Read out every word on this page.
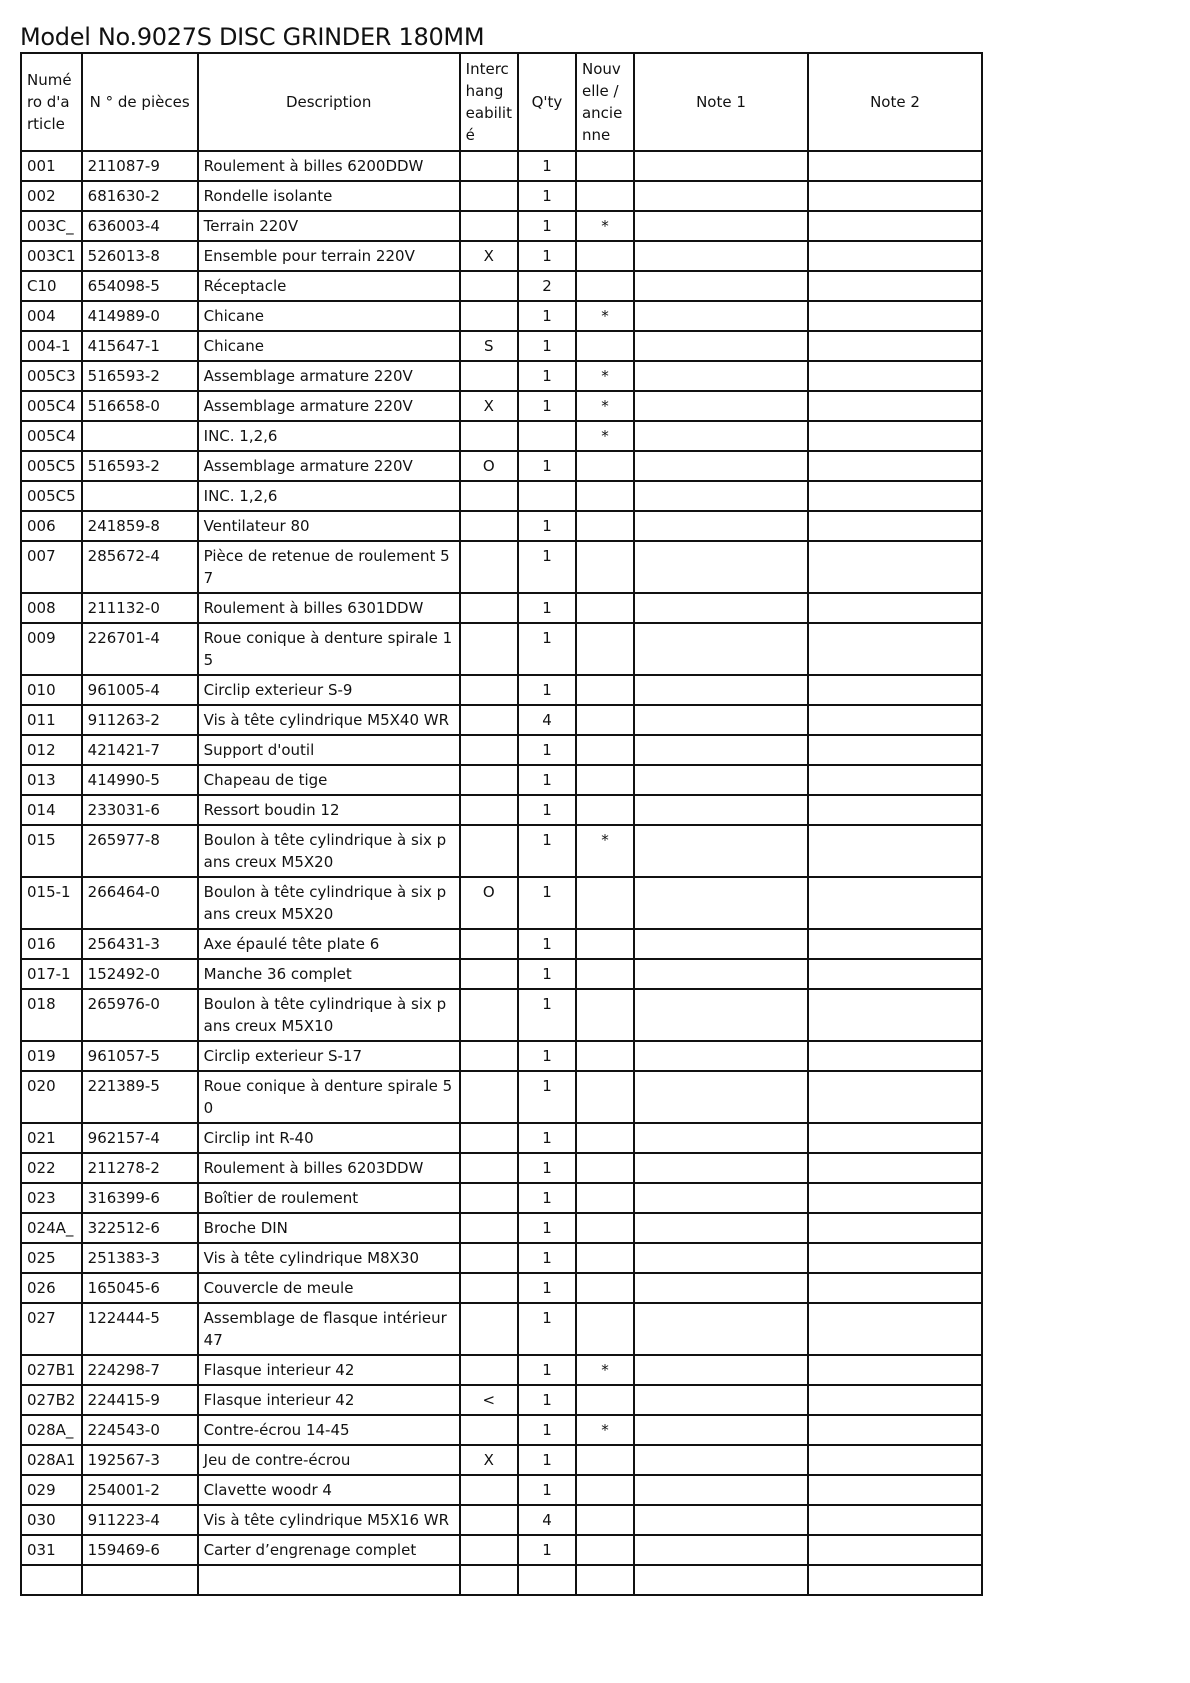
Model No.9027S DISC GRINDER 180MM
Numé ro d'a rticle	N ° de pièces	Description	Interc hang eabilit é	Q'ty	Nouv elle / ancie nne	Note 1	Note 2
001	211087-9	Roulement à billes 6200DDW		1			
002	681630-2	Rondelle isolante		1			
003C_	636003-4	Terrain 220V		1	*		
003C1	526013-8	Ensemble pour terrain 220V	X	1			
C10	654098-5	Réceptacle		2			
004	414989-0	Chicane		1	*		
004-1	415647-1	Chicane	S	1			
005C3	516593-2	Assemblage armature 220V		1	*		
005C4	516658-0	Assemblage armature 220V	X	1	*		
005C4		INC. 1,2,6			*		
005C5	516593-2	Assemblage armature 220V	O	1			
005C5		INC. 1,2,6					
006	241859-8	Ventilateur 80		1			
007	285672-4	Pièce de retenue de roulement 57		1			
008	211132-0	Roulement à billes 6301DDW		1			
009	226701-4	Roue conique à denture spirale 15		1			
010	961005-4	Circlip exterieur S-9		1			
011	911263-2	Vis à tête cylindrique M5X40 WR		4			
012	421421-7	Support d'outil		1			
013	414990-5	Chapeau de tige		1			
014	233031-6	Ressort boudin 12		1			
015	265977-8	Boulon à tête cylindrique à six pans creux M5X20		1	*		
015-1	266464-0	Boulon à tête cylindrique à six pans creux M5X20	O	1			
016	256431-3	Axe épaulé tête plate 6		1			
017-1	152492-0	Manche 36 complet		1			
018	265976-0	Boulon à tête cylindrique à six pans creux M5X10		1			
019	961057-5	Circlip exterieur S-17		1			
020	221389-5	Roue conique à denture spirale 50		1			
021	962157-4	Circlip int R-40		1			
022	211278-2	Roulement à billes 6203DDW		1			
023	316399-6	Boîtier de roulement		1			
024A_	322512-6	Broche DIN		1			
025	251383-3	Vis à tête cylindrique M8X30		1			
026	165045-6	Couvercle de meule		1			
027	122444-5	Assemblage de flasque intérieur 47		1			
027B1	224298-7	Flasque interieur 42		1	*		
027B2	224415-9	Flasque interieur 42	<	1			
028A_	224543-0	Contre-écrou 14-45		1	*		
028A1	192567-3	Jeu de contre-écrou	X	1			
029	254001-2	Clavette woodr 4		1			
030	911223-4	Vis à tête cylindrique M5X16 WR		4			
031	159469-6	Carter d’engrenage complet		1			
